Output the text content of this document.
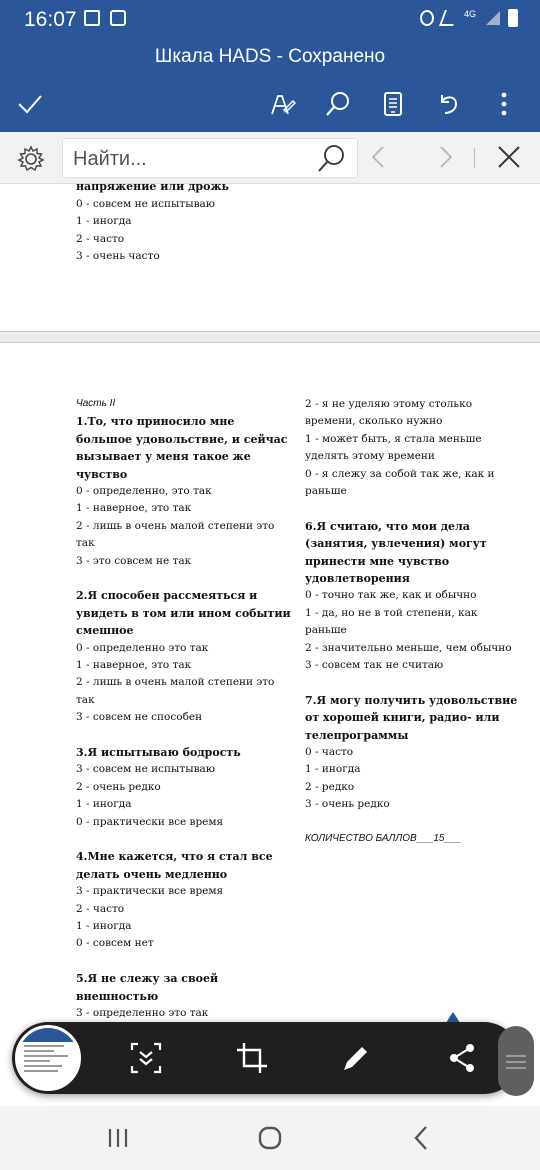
16:07	4G
Шкала HADS - Сохранено
Найти...
напряжение или дрожь
0 - совсем не испытываю
1 - иногда
2 - часто
3 - очень часто
Часть II
1.То, что приносило мне
большое удовольствие, и сейчас
вызывает у меня такое же
чувство
0 - определенно, это так
1 - наверное, это так
2 - лишь в очень малой степени это
так
3 - это совсем не так
2.Я способен рассмеяться и
увидеть в том или ином событии
смешное
0 - определенно это так
1 - наверное, это так
2 - лишь в очень малой степени это
так
3 - совсем не способен
3.Я испытываю бодрость
3 - совсем не испытываю
2 - очень редко
1 - иногда
0 - практически все время
4.Мне кажется, что я стал все
делать очень медленно
3 - практически все время
2 - часто
1 - иногда
0 - совсем нет
5.Я не слежу за своей
внешностью
3 - определенно это так
2 - я не уделяю этому столько
времени, сколько нужно
1 - может быть, я стала меньше
уделять этому времени
0 - я слежу за собой так же, как и
раньше
6.Я считаю, что мои дела
(занятия, увлечения) могут
принести мне чувство
удовлетворения
0 - точно так же, как и обычно
1 - да, но не в той степени, как
раньше
2 - значительно меньше, чем обычно
3 - совсем так не считаю
7.Я могу получить удовольствие
от хорошей книги, радио- или
телепрограммы
0 - часто
1 - иногда
2 - редко
3 - очень редко
КОЛИЧЕСТВО БАЛЛОВ___15___
